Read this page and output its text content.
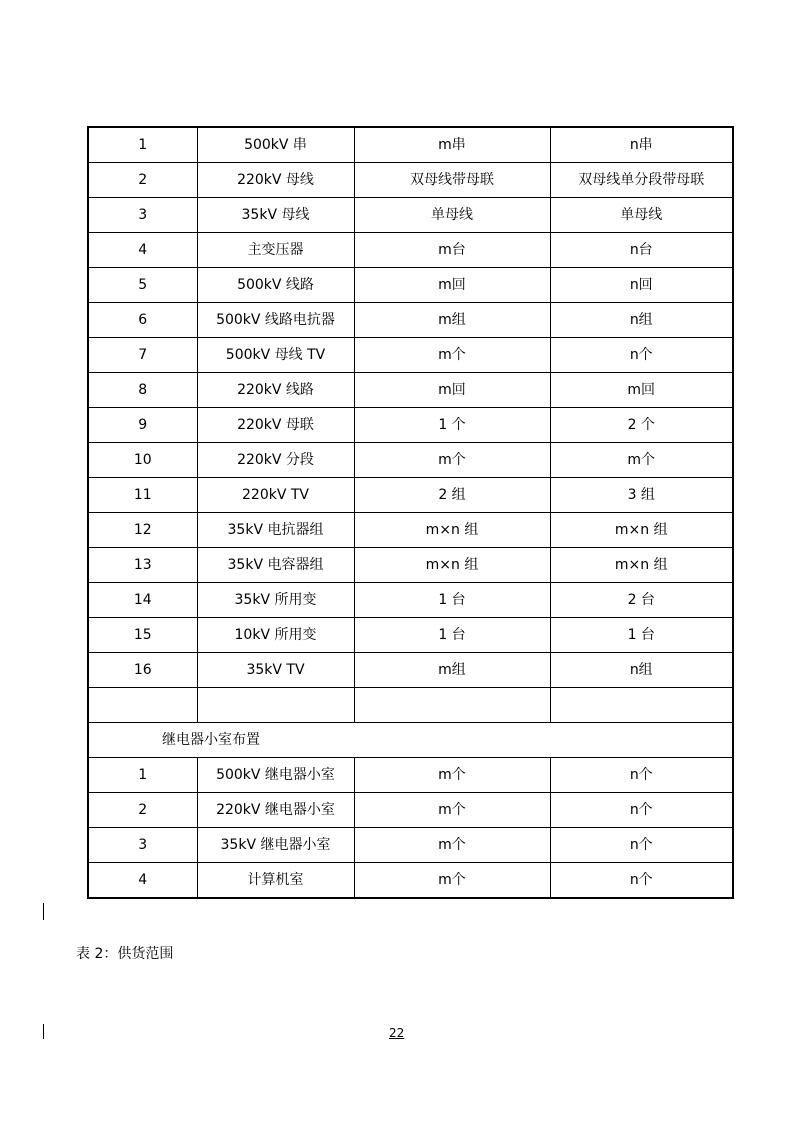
1	500kV 串	m串	n串
2	220kV 母线	双母线带母联	双母线单分段带母联
3	35kV 母线	单母线	单母线
4	主变压器	m台	n台
5	500kV 线路	m回	n回
6	500kV 线路电抗器	m组	n组
7	500kV 母线 TV	m个	n个
8	220kV 线路	m回	m回
9	220kV 母联	1 个	2 个
10	220kV 分段	m个	m个
11	220kV TV	2 组	3 组
12	35kV 电抗器组	m×n 组	m×n 组
13	35kV 电容器组	m×n 组	m×n 组
14	35kV 所用变	1 台	2 台
15	10kV 所用变	1 台	1 台
16	35kV TV	m组	n组

继电器小室布置			
1	500kV 继电器小室	m个	n个
2	220kV 继电器小室	m个	n个
3	35kV 继电器小室	m个	n个
4	计算机室	m个	n个
表 2：供货范围
22
